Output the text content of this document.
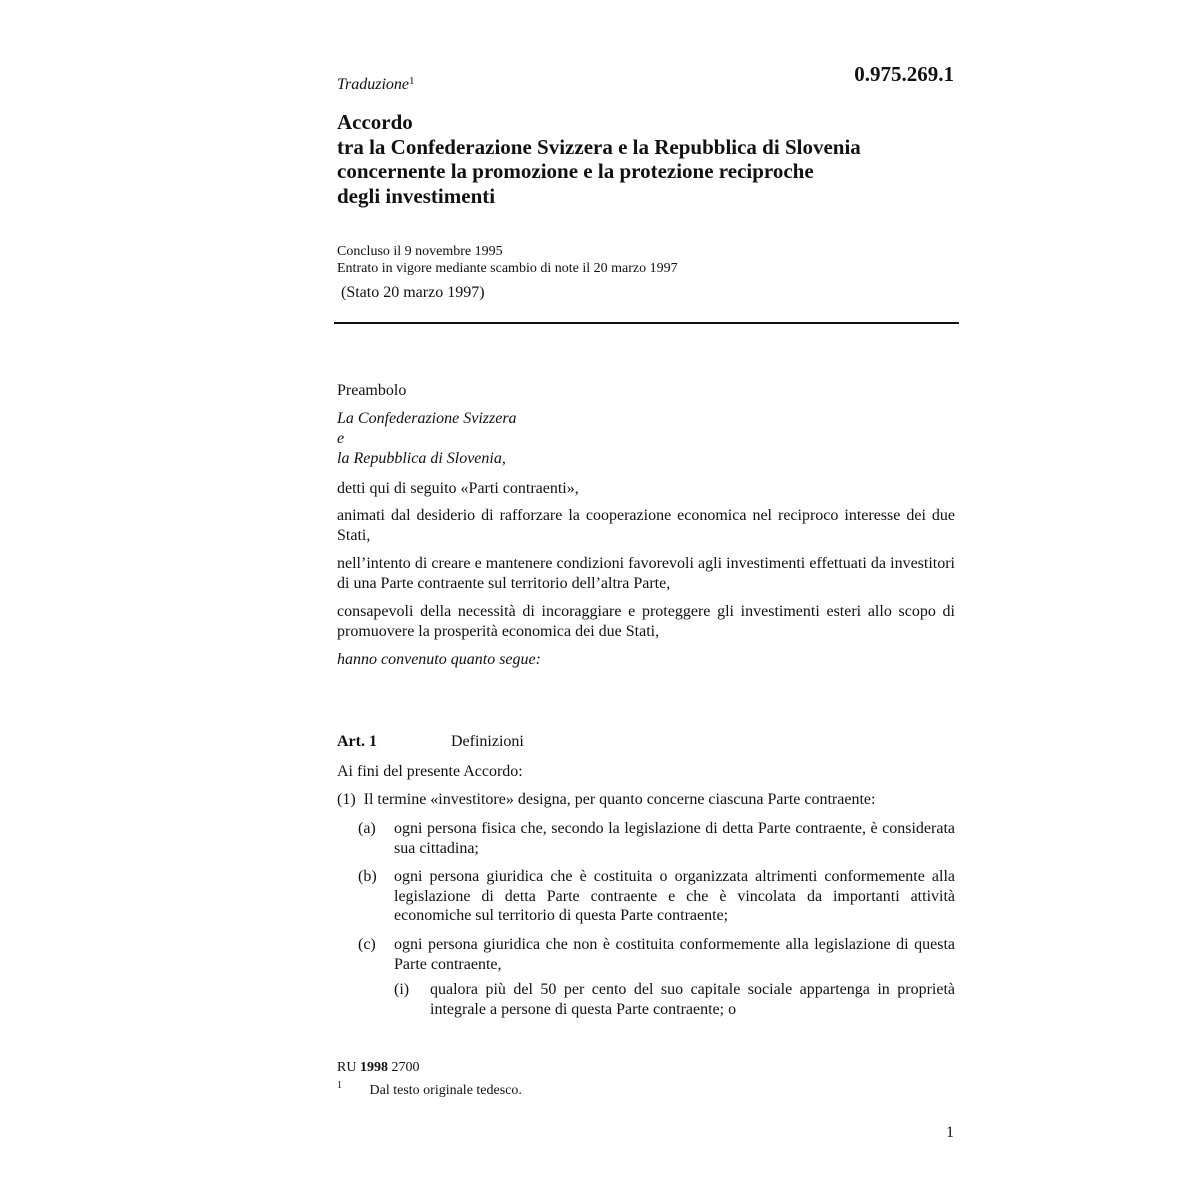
0.975.269.1
Traduzione$^1$
Accordo
tra la Confederazione Svizzera e la Repubblica di Slovenia
concernente la promozione e la protezione reciproche
degli investimenti
Concluso il 9 novembre 1995
Entrato in vigore mediante scambio di note il 20 marzo 1997
(Stato 20 marzo 1997)
Preambolo
La Confederazione Svizzera
e
la Repubblica di Slovenia,

detti qui di seguito «Parti contraenti»,

animati dal desiderio di rafforzare la cooperazione economica nel reciproco interesse dei due Stati,

nell’intento di creare e mantenere condizioni favorevoli agli investimenti effettuati da investitori di una Parte contraente sul territorio dell’altra Parte,

consapevoli della necessità di incoraggiare e proteggere gli investimenti esteri allo scopo di promuovere la prosperità economica dei due Stati,

hanno convenuto quanto segue:
Art. 1	Definizioni
Ai fini del presente Accordo:
(1) Il termine «investitore» designa, per quanto concerne ciascuna Parte contraente:
(a)	ogni persona fisica che, secondo la legislazione di detta Parte contraente, è considerata sua cittadina;
(b)	ogni persona giuridica che è costituita o organizzata altrimenti conformemente alla legislazione di detta Parte contraente e che è vincolata da importanti attività economiche sul territorio di questa Parte contraente;
(c)	ogni persona giuridica che non è costituita conformemente alla legislazione di questa Parte contraente,
(i)	qualora più del 50 per cento del suo capitale sociale appartenga in proprietà integrale a persone di questa Parte contraente; o
RU 1998 2700
$^1$ Dal testo originale tedesco.
1
